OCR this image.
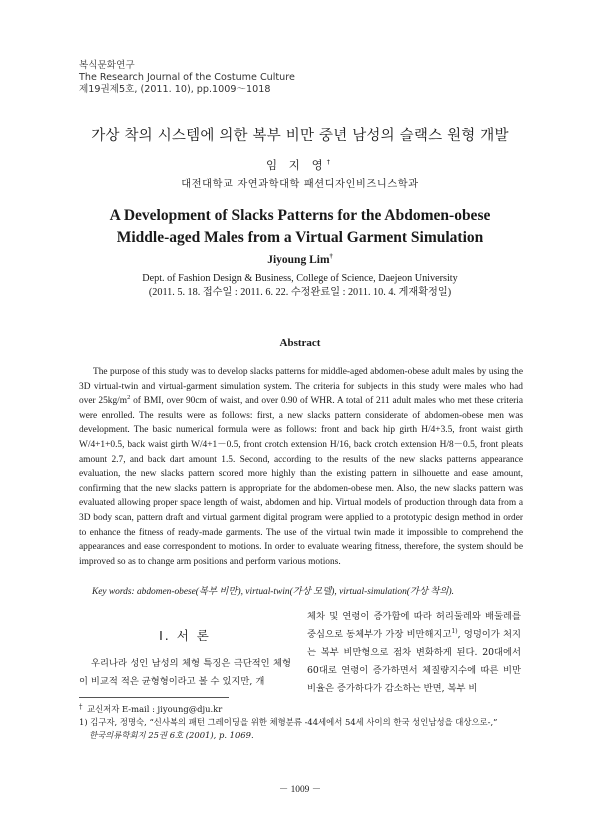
복식문화연구
The Research Journal of the Costume Culture
제19권제5호, (2011. 10), pp.1009～1018
가상 착의 시스템에 의한 복부 비만 중년 남성의 슬랙스 원형 개발
임 지 영†
대전대학교 자연과학대학 패션디자인비즈니스학과
A Development of Slacks Patterns for the Abdomen-obese
Middle-aged Males from a Virtual Garment Simulation
Jiyoung Lim†
Dept. of Fashion Design & Business, College of Science, Daejeon University
(2011. 5. 18. 접수일 : 2011. 6. 22. 수정완료일 : 2011. 10. 4. 게재확정일)
Abstract

The purpose of this study was to develop slacks patterns for middle-aged abdomen-obese adult males by using the 3D virtual-twin and virtual-garment simulation system. The criteria for subjects in this study were males who had over $25kg/m^2$ of BMI, over 90cm of waist, and over 0.90 of WHR. A total of 211 adult males who met these criteria were enrolled. The results were as follows: first, a new slacks pattern considerate of abdomen-obese men was development. The basic numerical formula were as follows: front and back hip girth H/4+3.5, front waist girth W/4+1+0.5, back waist girth W/4+1－0.5, front crotch extension H/16, back crotch extension H/8－0.5, front pleats amount 2.7, and back dart amount 1.5. Second, according to the results of the new slacks patterns appearance evaluation, the new slacks pattern scored more highly than the existing pattern in silhouette and ease amount, confirming that the new slacks pattern is appropriate for the abdomen-obese men. Also, the new slacks pattern was evaluated allowing proper space length of waist, abdomen and hip. Virtual models of production through data from a 3D body scan, pattern draft and virtual garment digital program were applied to a prototypic design method in order to enhance the fitness of ready-made garments. The use of the virtual twin made it impossible to comprehend the appearances and ease correspondent to motions. In order to evaluate wearing fitness, therefore, the system should be improved so as to change arm positions and perform various motions.

Key words: abdomen-obese(복부 비만), virtual-twin(가상 모델), virtual-simulation(가상 착의).
Ⅰ. 서 론

우리나라 성인 남성의 체형 특징은 극단적인 체형이 비교적 적은 균형형이라고 볼 수 있지만, 개

체차 및 연령이 증가함에 따라 허리둘레와 배둘레를 중심으로 동체부가 가장 비만해지고$^{1)}$, 엉덩이가 처지는 복부 비만형으로 점차 변화하게 된다. 20대에서 60대로 연령이 증가하면서 체질량지수에 따른 비만비율은 증가하다가 감소하는 반면, 복부 비

† 교신저자 E-mail : jiyoung@dju.kr
1) 김구자, 정명숙, “신사복의 패턴 그레이딩을 위한 체형분류 -44세에서 54세 사이의 한국 성인남성을 대상으로-,”
한국의류학회지 25권 6호 (2001), p. 1069.
－ 1009 －
